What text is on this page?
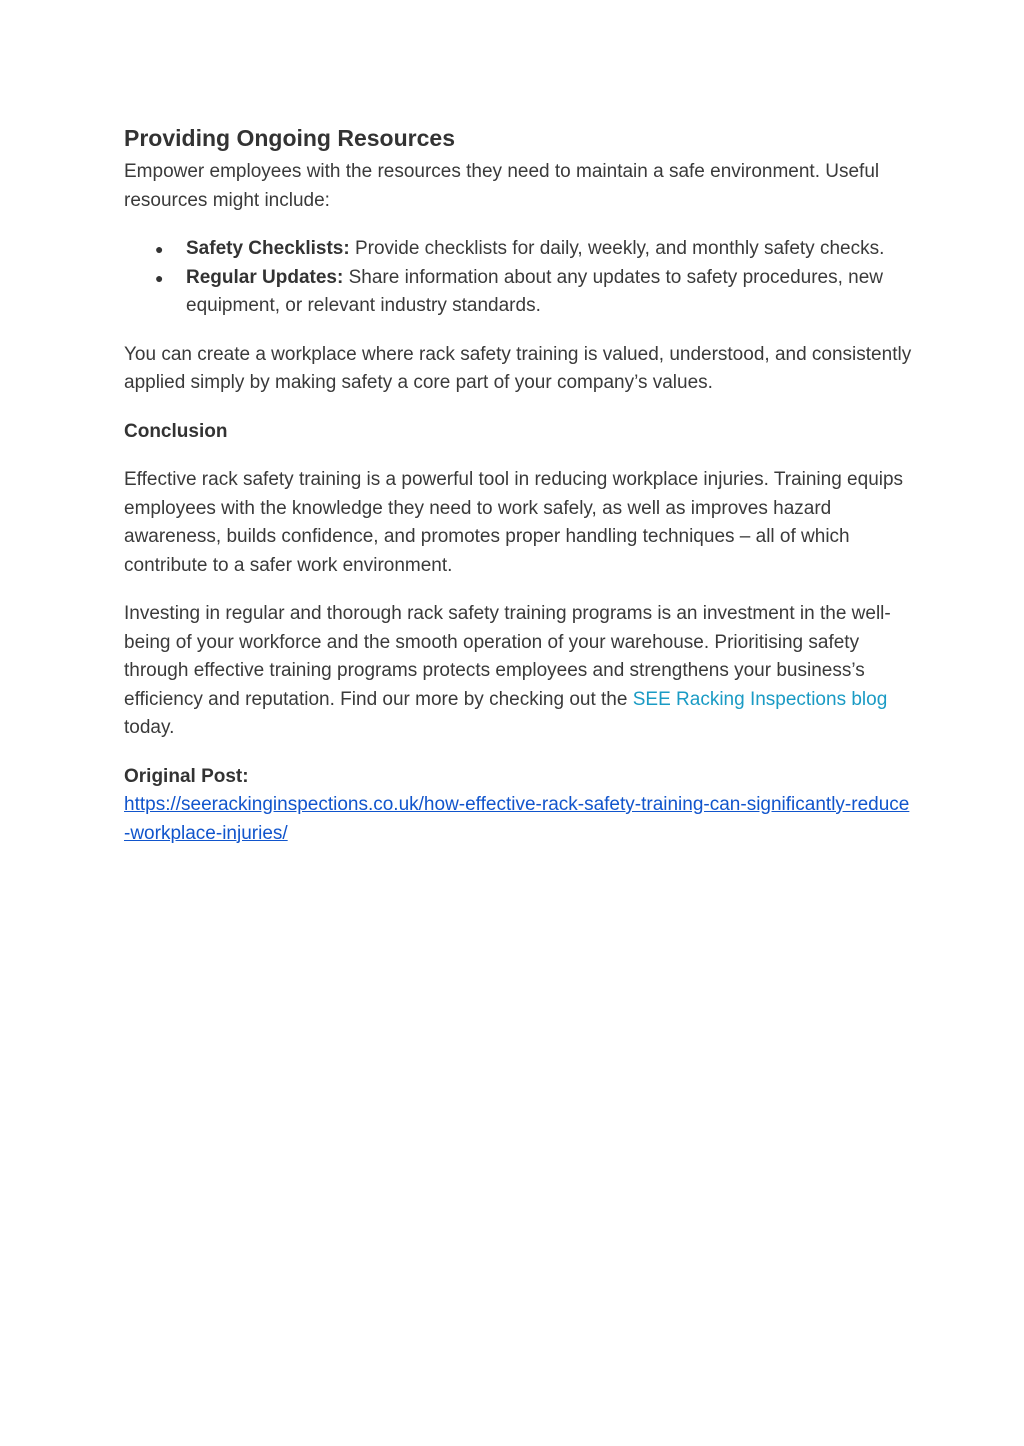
Providing Ongoing Resources

Empower employees with the resources they need to maintain a safe environment. Useful resources might include:

● Safety Checklists: Provide checklists for daily, weekly, and monthly safety checks.
● Regular Updates: Share information about any updates to safety procedures, new equipment, or relevant industry standards.

You can create a workplace where rack safety training is valued, understood, and consistently applied simply by making safety a core part of your company’s values.

Conclusion

Effective rack safety training is a powerful tool in reducing workplace injuries. Training equips employees with the knowledge they need to work safely, as well as improves hazard awareness, builds confidence, and promotes proper handling techniques – all of which contribute to a safer work environment.

Investing in regular and thorough rack safety training programs is an investment in the well-being of your workforce and the smooth operation of your warehouse. Prioritising safety through effective training programs protects employees and strengthens your business’s efficiency and reputation. Find our more by checking out the SEE Racking Inspections blog today.

Original Post:
https://seerackinginspections.co.uk/how-effective-rack-safety-training-can-significantly-reduce-workplace-injuries/
